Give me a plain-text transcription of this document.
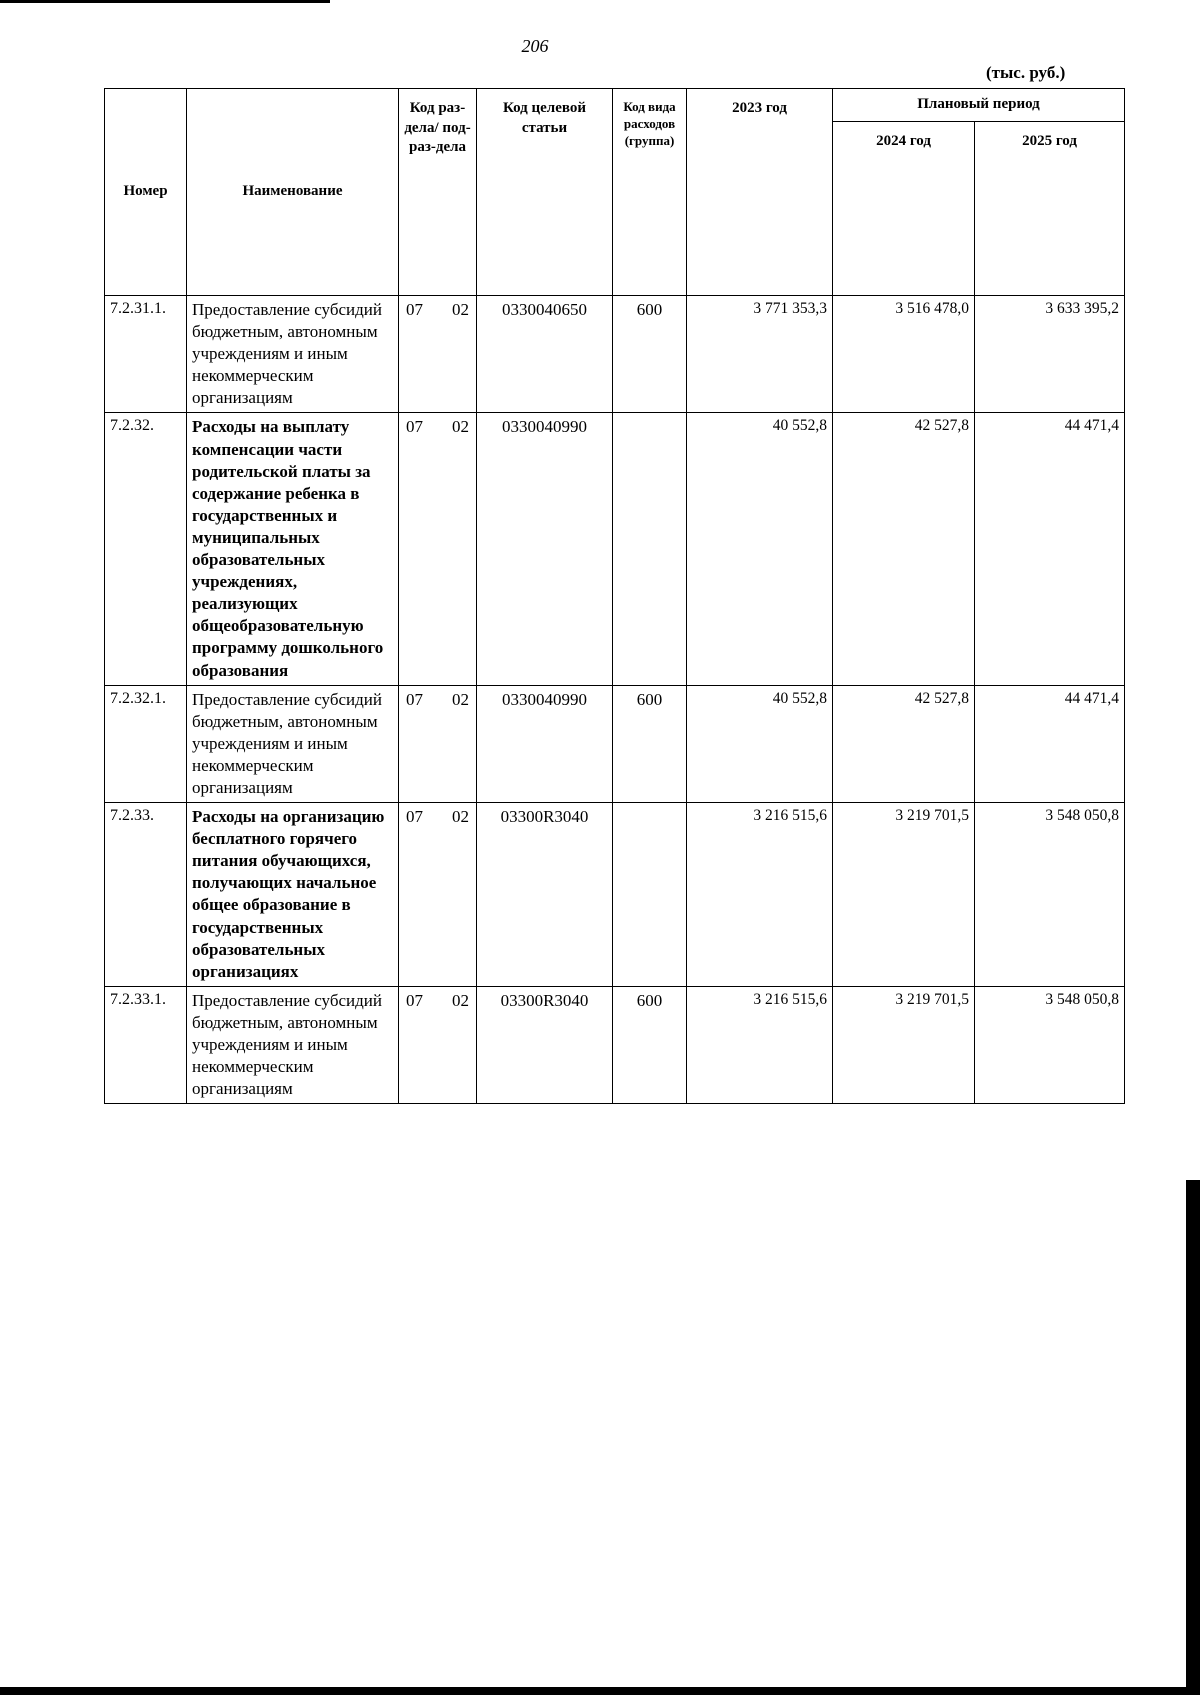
206
(тыс. руб.)
Номер	Наименование	Код раз-дела/ под-раз-дела	Код целевой статьи	Код вида расходов (группа)	2023 год	Плановый период	
						2024 год	2025 год
7.2.31.1.	Предоставление субсидий бюджетным, автономным учреждениям и иным некоммерческим организациям	07 02	0330040650	600	3 771 353,3	3 516 478,0	3 633 395,2
7.2.32.	Расходы на выплату компенсации части родительской платы за содержание ребенка в государственных и муниципальных образовательных учреждениях, реализующих общеобразовательную программу дошкольного образования	07 02	0330040990		40 552,8	42 527,8	44 471,4
7.2.32.1.	Предоставление субсидий бюджетным, автономным учреждениям и иным некоммерческим организациям	07 02	0330040990	600	40 552,8	42 527,8	44 471,4
7.2.33.	Расходы на организацию бесплатного горячего питания обучающихся, получающих начальное общее образование в государственных образовательных организациях	07 02	03300R3040		3 216 515,6	3 219 701,5	3 548 050,8
7.2.33.1.	Предоставление субсидий бюджетным, автономным учреждениям и иным некоммерческим организациям	07 02	03300R3040	600	3 216 515,6	3 219 701,5	3 548 050,8
